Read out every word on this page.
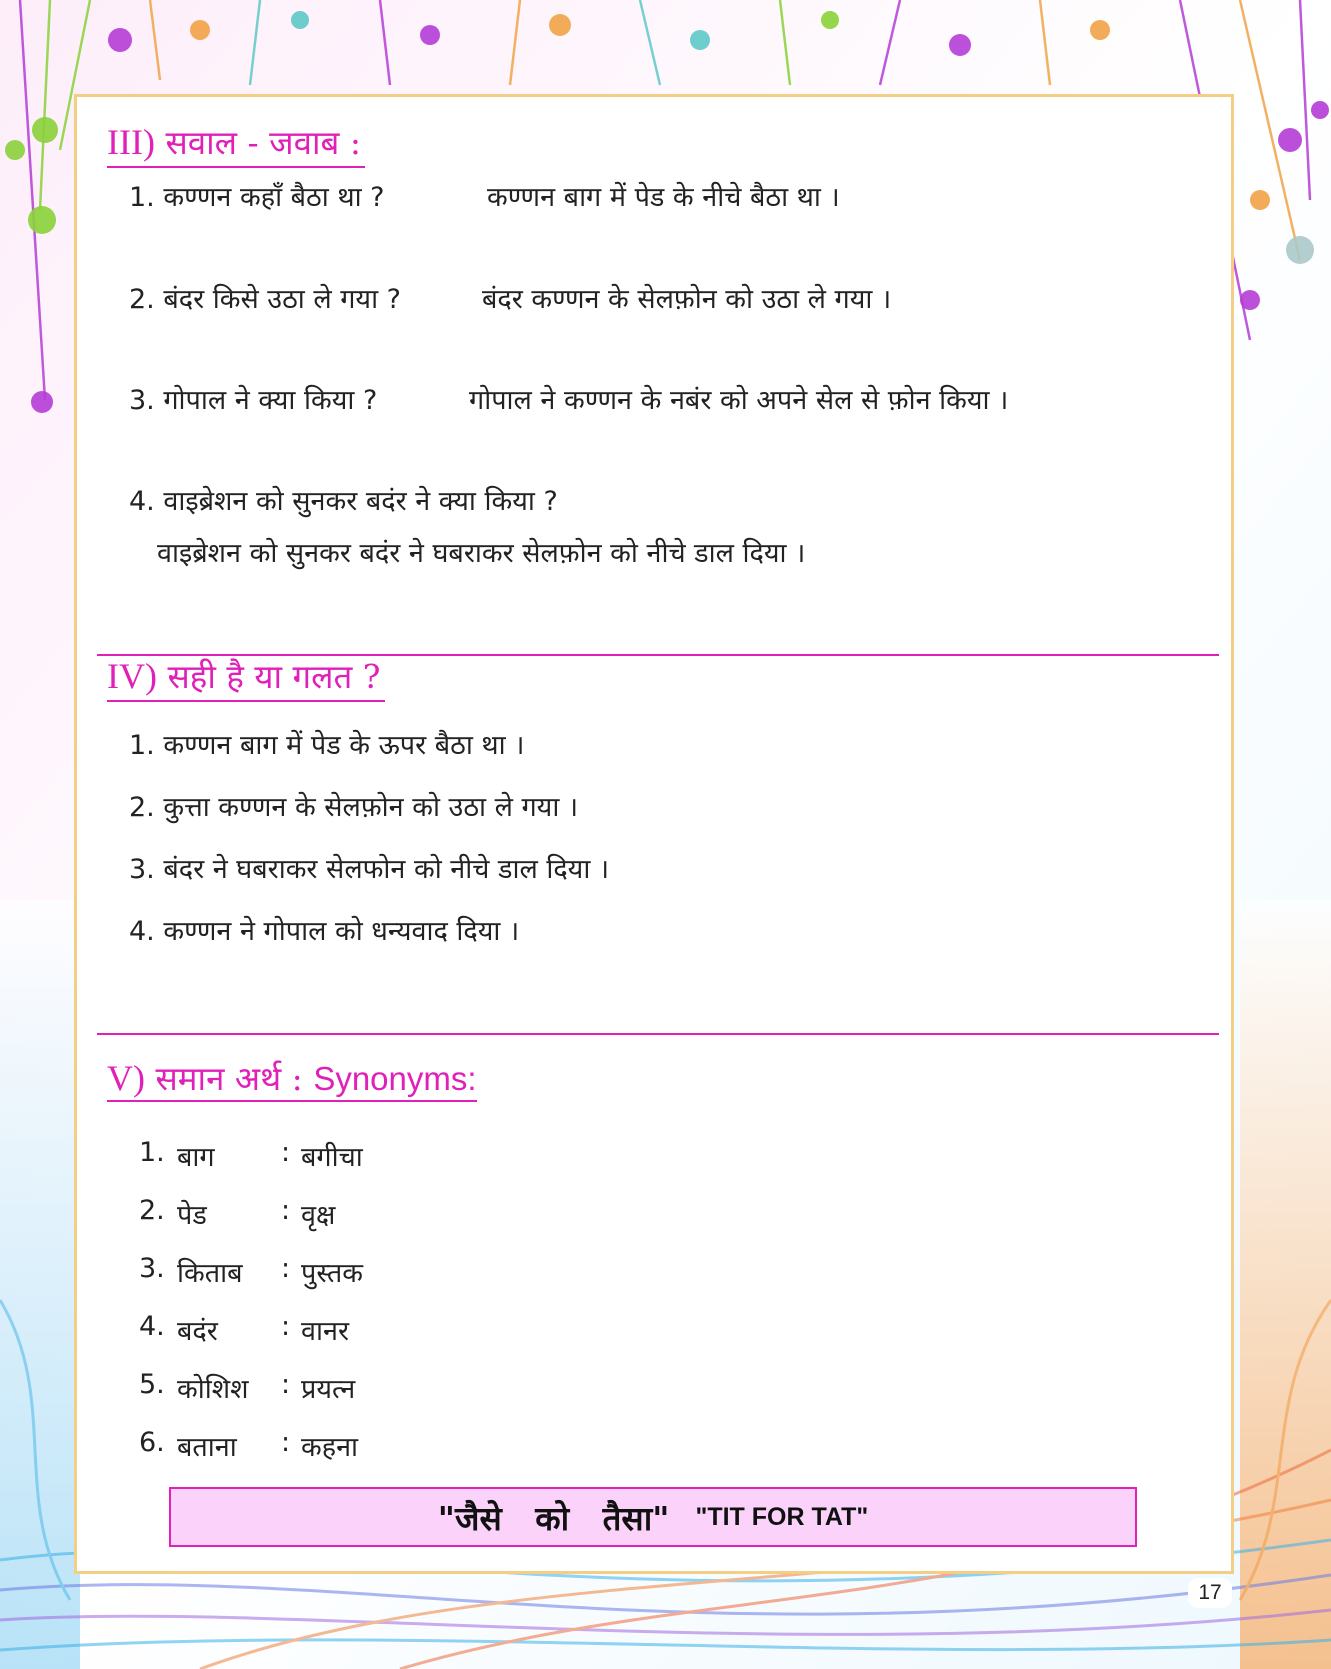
III) सवाल - जवाब :
1. कण्णन कहाँ बैठा था ?	कण्णन बाग में पेड के नीचे बैठा था ।
2. बंदर किसे उठा ले गया ?	बंदर कण्णन के सेलफ़ोन को उठा ले गया ।
3. गोपाल ने क्या किया ?	गोपाल ने कण्णन के नबंर को अपने सेल से फ़ोन किया ।
4. वाइब्रेशन को सुनकर बदंर ने क्या किया ?
वाइब्रेशन को सुनकर बदंर ने घबराकर सेलफ़ोन को नीचे डाल दिया ।
IV) सही है या गलत ?
1. कण्णन बाग में पेड के ऊपर बैठा था ।
2. कुत्ता कण्णन के सेलफ़ोन को उठा ले गया ।
3. बंदर ने घबराकर सेलफोन को नीचे डाल दिया ।
4. कण्णन ने गोपाल को धन्यवाद दिया ।
V) समान अर्थ : Synonyms:
1. बाग : बगीचा
2. पेड	: वृक्ष
3. किताब : पुस्तक
4. बदंर : वानर
5. कोशिश : प्रयत्न
6. बताना : कहना
"जैसे को तैसा" "TIT FOR TAT"
17
